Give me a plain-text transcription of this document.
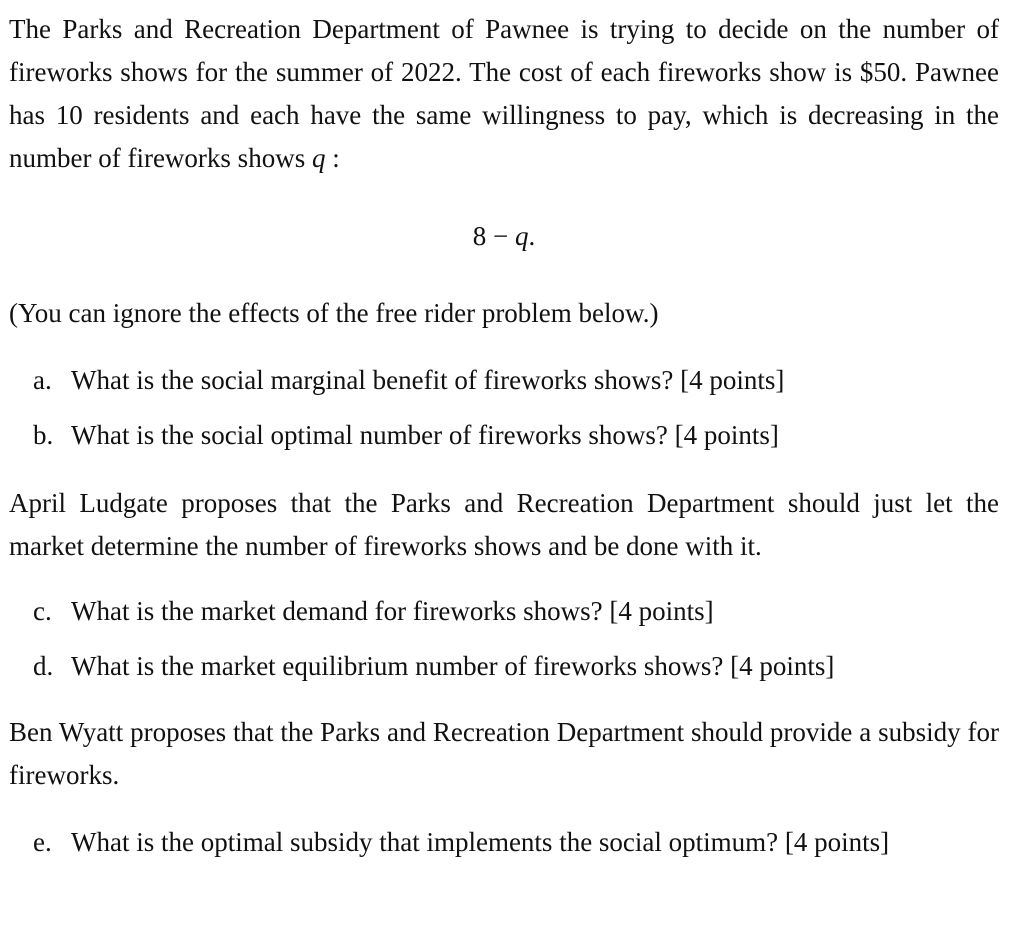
The Parks and Recreation Department of Pawnee is trying to decide on the number of fireworks shows for the summer of 2022. The cost of each fireworks show is $50. Pawnee has 10 residents and each have the same willingness to pay, which is decreasing in the number of fireworks shows q :

8 − q.

(You can ignore the effects of the free rider problem below.)

a. What is the social marginal benefit of fireworks shows? [4 points]
b. What is the social optimal number of fireworks shows? [4 points]

April Ludgate proposes that the Parks and Recreation Department should just let the market determine the number of fireworks shows and be done with it.

c. What is the market demand for fireworks shows? [4 points]
d. What is the market equilibrium number of fireworks shows? [4 points]

Ben Wyatt proposes that the Parks and Recreation Department should provide a subsidy for fireworks.

e. What is the optimal subsidy that implements the social optimum? [4 points]
